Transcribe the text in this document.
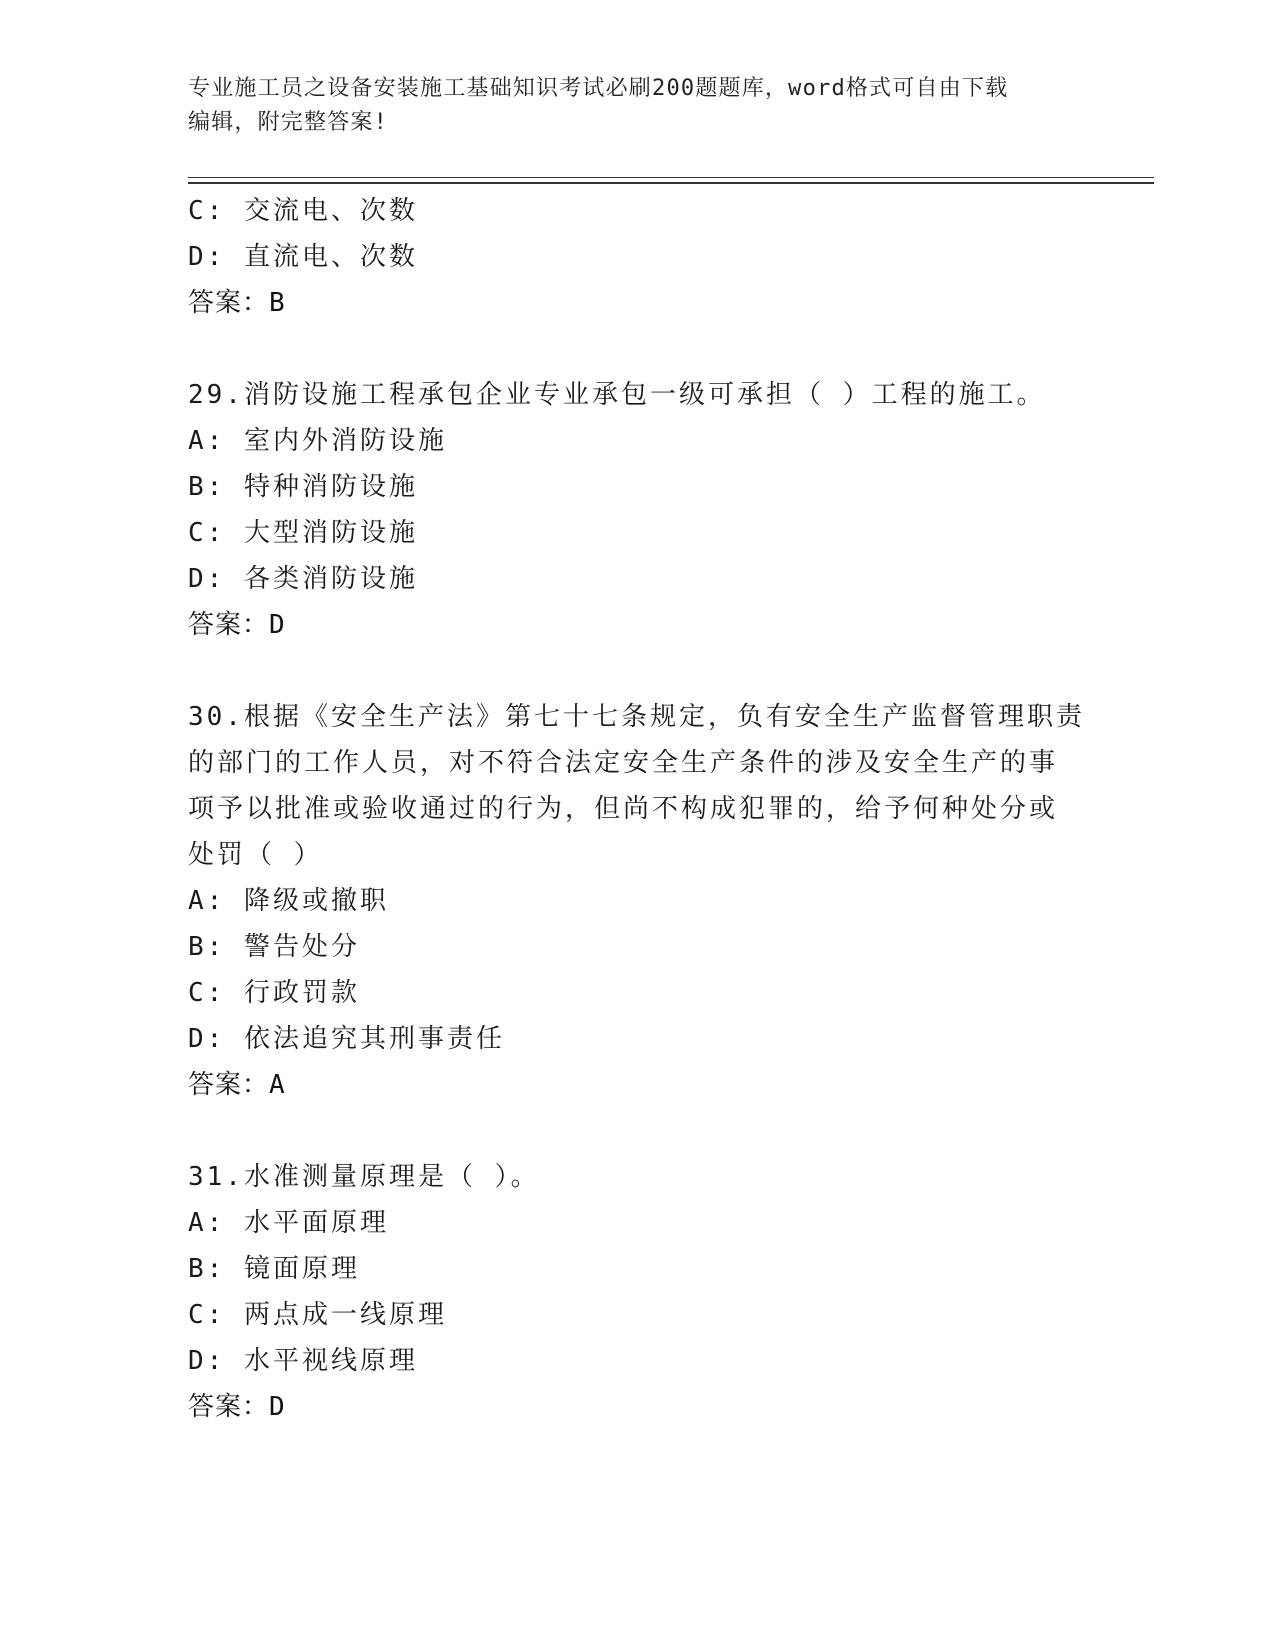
专业施工员之设备安装施工基础知识考试必刷200题题库，word格式可自由下载
编辑，附完整答案!
C: 交流电、次数
D: 直流电、次数
答案：B
29.消防设施工程承包企业专业承包一级可承担（ ）工程的施工。
A: 室内外消防设施
B: 特种消防设施
C: 大型消防设施
D: 各类消防设施
答案：D
30.根据《安全生产法》第七十七条规定，负有安全生产监督管理职责
的部门的工作人员，对不符合法定安全生产条件的涉及安全生产的事
项予以批准或验收通过的行为，但尚不构成犯罪的，给予何种处分或
处罚（ ）
A: 降级或撤职
B: 警告处分
C: 行政罚款
D: 依法追究其刑事责任
答案：A
31.水准测量原理是（ ）。
A: 水平面原理
B: 镜面原理
C: 两点成一线原理
D: 水平视线原理
答案：D
